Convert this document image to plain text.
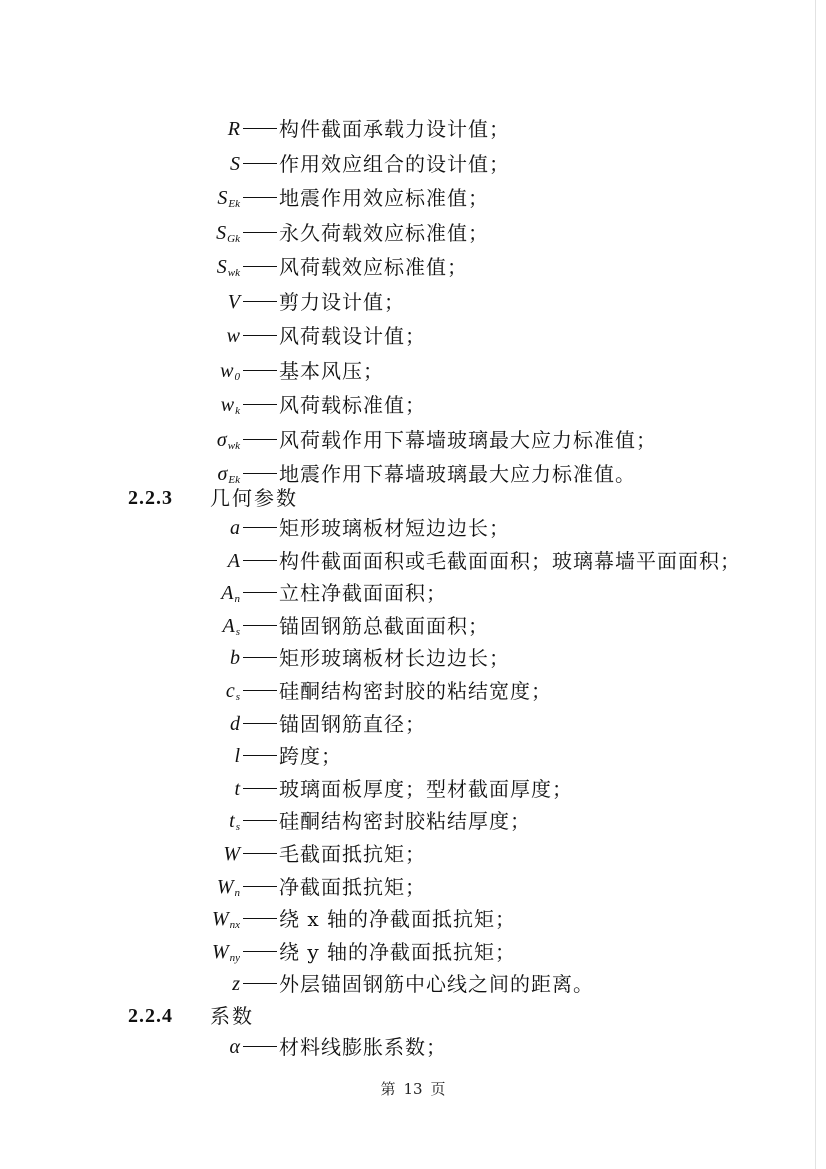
R 构件截面承载力设计值；
S 作用效应组合的设计值；
$S_{Ek}$ 地震作用效应标准值；
$S_{Gk}$ 永久荷载效应标准值；
$S_{wk}$ 风荷载效应标准值；
V 剪力设计值；
w 风荷载设计值；
$w_0$ 基本风压；
$w_k$ 风荷载标准值；
$\sigma_{wk}$ 风荷载作用下幕墙玻璃最大应力标准值；
$\sigma_{Ek}$ 地震作用下幕墙玻璃最大应力标准值。
2.2.3 几何参数
a 矩形玻璃板材短边边长；
A 构件截面面积或毛截面面积；玻璃幕墙平面面积；
$A_n$ 立柱净截面面积；
$A_s$ 锚固钢筋总截面面积；
b 矩形玻璃板材长边边长；
$c_s$ 硅酮结构密封胶的粘结宽度；
d 锚固钢筋直径；
l 跨度；
t 玻璃面板厚度；型材截面厚度；
$t_s$ 硅酮结构密封胶粘结厚度；
W 毛截面抵抗矩；
$W_n$ 净截面抵抗矩；
$W_{nx}$ 绕 x 轴的净截面抵抗矩；
$W_{ny}$ 绕 y 轴的净截面抵抗矩；
z 外层锚固钢筋中心线之间的距离。
2.2.4 系数
α 材料线膨胀系数；
第 13 页
